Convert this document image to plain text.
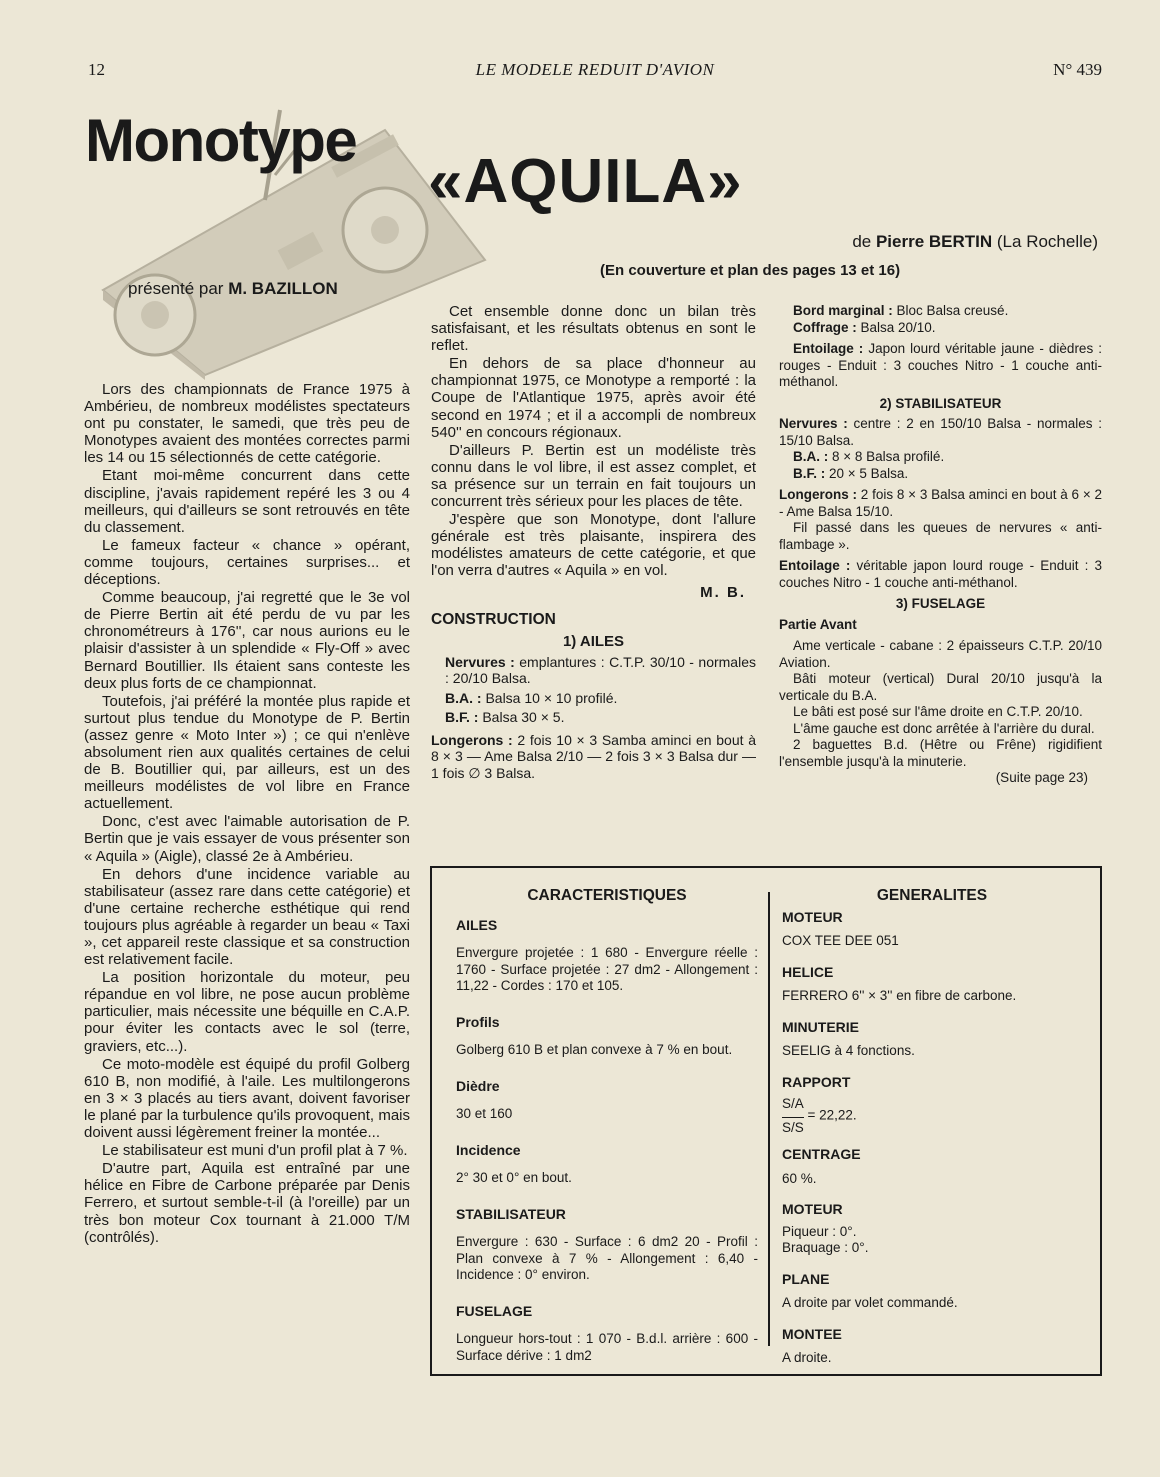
12	LE MODELE REDUIT D'AVION	N° 439
Monotype
«AQUILA»
de Pierre BERTIN (La Rochelle)
(En couverture et plan des pages 13 et 16)
présenté par M. BAZILLON

Lors des championnats de France 1975 à Ambérieu, de nombreux modélistes spectateurs ont pu constater, le samedi, que très peu de Monotypes avaient des montées correctes parmi les 14 ou 15 sélectionnés de cette catégorie.

Etant moi-même concurrent dans cette discipline, j'avais rapidement repéré les 3 ou 4 meilleurs, qui d'ailleurs se sont retrouvés en tête du classement.

Le fameux facteur « chance » opérant, comme toujours, certaines surprises... et déceptions.

Comme beaucoup, j'ai regretté que le 3e vol de Pierre Bertin ait été perdu de vu par les chronométreurs à 176'', car nous aurions eu le plaisir d'assister à un splendide « Fly-Off » avec Bernard Boutillier. Ils étaient sans conteste les deux plus forts de ce championnat.

Toutefois, j'ai préféré la montée plus rapide et surtout plus tendue du Monotype de P. Bertin (assez genre « Moto Inter ») ; ce qui n'enlève absolument rien aux qualités certaines de celui de B. Boutillier qui, par ailleurs, est un des meilleurs modélistes de vol libre en France actuellement.

Donc, c'est avec l'aimable autorisation de P. Bertin que je vais essayer de vous présenter son « Aquila » (Aigle), classé 2e à Ambérieu.

En dehors d'une incidence variable au stabilisateur (assez rare dans cette catégorie) et d'une certaine recherche esthétique qui rend toujours plus agréable à regarder un beau « Taxi », cet appareil reste classique et sa construction est relativement facile.

La position horizontale du moteur, peu répandue en vol libre, ne pose aucun problème particulier, mais nécessite une béquille en C.A.P. pour éviter les contacts avec le sol (terre, graviers, etc...).

Ce moto-modèle est équipé du profil Golberg 610 B, non modifié, à l'aile. Les multilongerons en 3 × 3 placés au tiers avant, doivent favoriser le plané par la turbulence qu'ils provoquent, mais doivent aussi légèrement freiner la montée...

Le stabilisateur est muni d'un profil plat à 7 %.

D'autre part, Aquila est entraîné par une hélice en Fibre de Carbone préparée par Denis Ferrero, et surtout semble-t-il (à l'oreille) par un très bon moteur Cox tournant à 21.000 T/M (contrôlés).

Cet ensemble donne donc un bilan très satisfaisant, et les résultats obtenus en sont le reflet.

En dehors de sa place d'honneur au championnat 1975, ce Monotype a remporté : la Coupe de l'Atlantique 1975, après avoir été second en 1974 ; et il a accompli de nombreux 540'' en concours régionaux.

D'ailleurs P. Bertin est un modéliste très connu dans le vol libre, il est assez complet, et sa présence sur un terrain en fait toujours un concurrent très sérieux pour les places de tête.

J'espère que son Monotype, dont l'allure générale est très plaisante, inspirera des modélistes amateurs de cette catégorie, et que l'on verra d'autres « Aquila » en vol.

M. B.
CONSTRUCTION
1) AILES
Nervures : emplantures : C.T.P. 30/10 - normales : 20/10 Balsa.
B.A. : Balsa 10 × 10 profilé.
B.F. : Balsa 30 × 5.
Longerons : 2 fois 10 × 3 Samba aminci en bout à 8 × 3 — Ame Balsa 2/10 — 2 fois 3 × 3 Balsa dur — 1 fois ∅ 3 Balsa.
Bord marginal : Bloc Balsa creusé.
Coffrage : Balsa 20/10.
Entoilage : Japon lourd véritable jaune - dièdres : rouges - Enduit : 3 couches Nitro - 1 couche anti-méthanol.
2) STABILISATEUR
Nervures : centre : 2 en 150/10 Balsa - normales : 15/10 Balsa.
B.A. : 8 × 8 Balsa profilé.
B.F. : 20 × 5 Balsa.
Longerons : 2 fois 8 × 3 Balsa aminci en bout à 6 × 2 - Ame Balsa 15/10.
Fil passé dans les queues de nervures « anti-flambage ».
Entoilage : véritable japon lourd rouge - Enduit : 3 couches Nitro - 1 couche anti-méthanol.
3) FUSELAGE
Partie Avant
Ame verticale - cabane : 2 épaisseurs C.T.P. 20/10 Aviation.
Bâti moteur (vertical) Dural 20/10 jusqu'à la verticale du B.A.
Le bâti est posé sur l'âme droite en C.T.P. 20/10.
L'âme gauche est donc arrêtée à l'arrière du dural.
2 baguettes B.d. (Hêtre ou Frêne) rigidifient l'ensemble jusqu'à la minuterie.
(Suite page 23)
CARACTERISTIQUES
AILES
Envergure projetée : 1 680 - Envergure réelle : 1760 - Surface projetée : 27 dm2 - Allongement : 11,22 - Cordes : 170 et 105.
Profils
Golberg 610 B et plan convexe à 7 % en bout.
Dièdre
30 et 160
Incidence
2° 30 et 0° en bout.
STABILISATEUR
Envergure : 630 - Surface : 6 dm2 20 - Profil : Plan convexe à 7 % - Allongement : 6,40 - Incidence : 0° environ.
FUSELAGE
Longueur hors-tout : 1 070 - B.d.l. arrière : 600 - Surface dérive : 1 dm2
GENERALITES
MOTEUR
COX TEE DEE 051
HELICE
FERRERO 6'' × 3'' en fibre de carbone.
MINUTERIE
SEELIG à 4 fonctions.
RAPPORT
$\frac{S/A}{S/S} = 22,22$.
CENTRAGE
60 %.
MOTEUR
Piqueur : 0°.
Braquage : 0°.
PLANE
A droite par volet commandé.
MONTEE
A droite.
